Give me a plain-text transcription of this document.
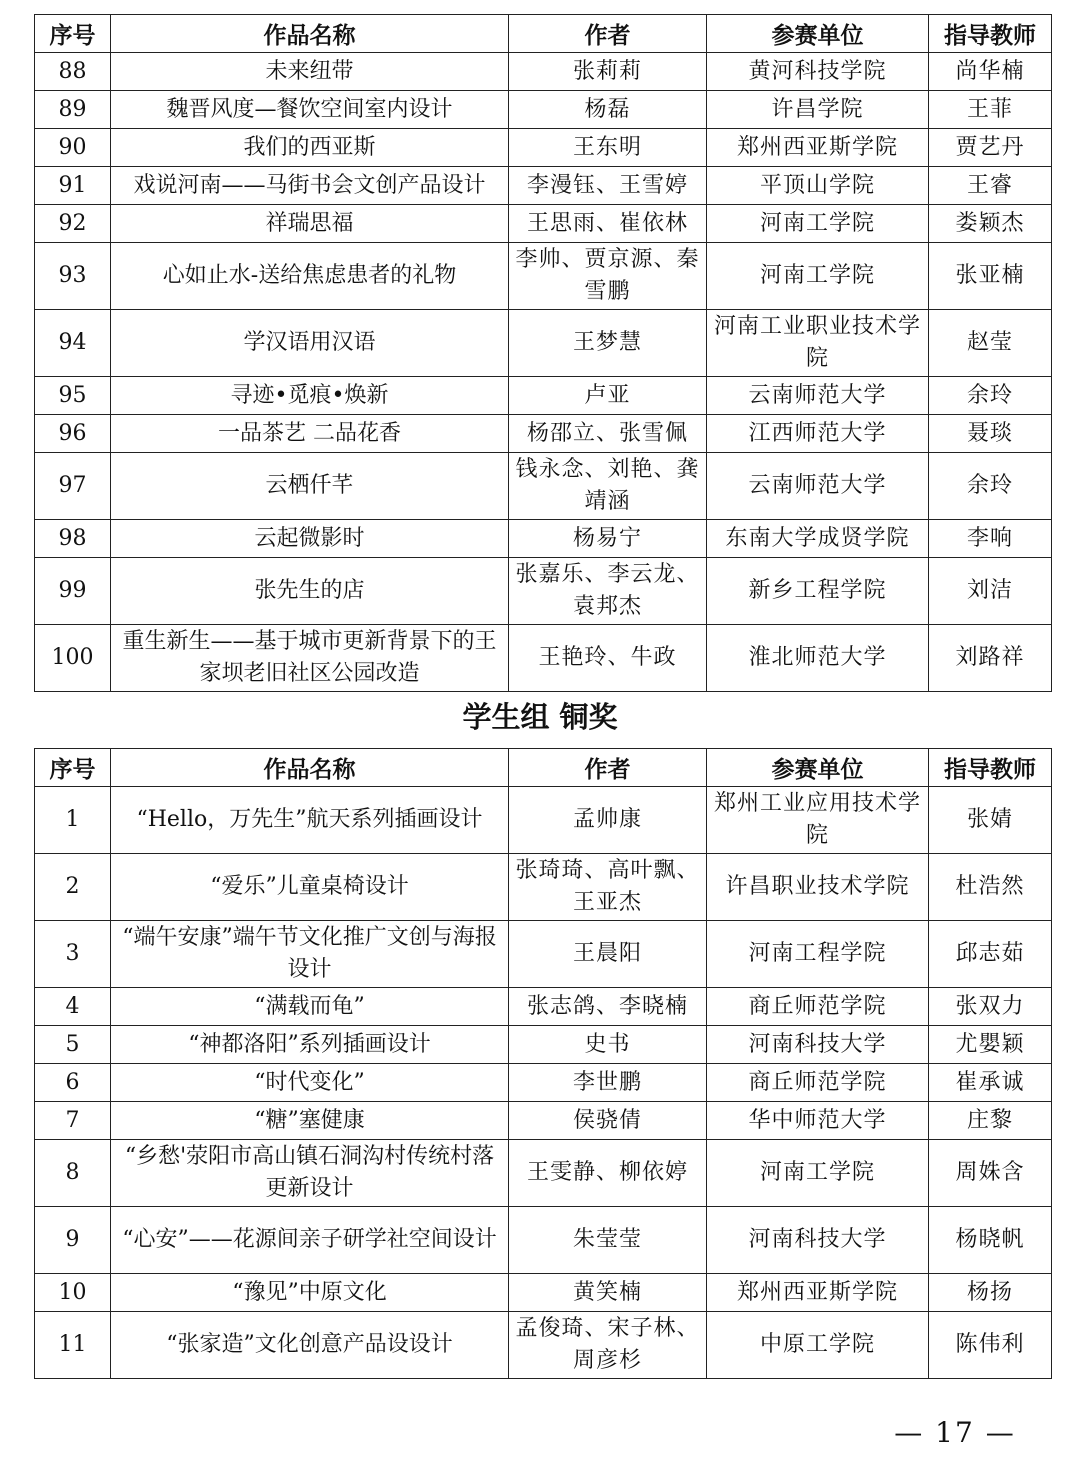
序号	作品名称	作者	参赛单位	指导教师
88	未来纽带	张莉莉	黄河科技学院	尚华楠
89	魏晋风度—餐饮空间室内设计	杨磊	许昌学院	王菲
90	我们的西亚斯	王东明	郑州西亚斯学院	贾艺丹
91	戏说河南——马街书会文创产品设计	李漫钰、王雪婷	平顶山学院	王睿
92	祥瑞思福	王思雨、崔依林	河南工学院	娄颖杰
93	心如止水-送给焦虑患者的礼物	李帅、贾京源、秦雪鹏	河南工学院	张亚楠
94	学汉语用汉语	王梦慧	河南工业职业技术学院	赵莹
95	寻迹•觅痕•焕新	卢亚	云南师范大学	余玲
96	一品茶艺 二品花香	杨邵立、张雪佩	江西师范大学	聂琰
97	云栖仟芊	钱永念、刘艳、龚靖涵	云南师范大学	余玲
98	云起微影时	杨易宁	东南大学成贤学院	李响
99	张先生的店	张嘉乐、李云龙、袁邦杰	新乡工程学院	刘洁
100	重生新生——基于城市更新背景下的王家坝老旧社区公园改造	王艳玲、牛政	淮北师范大学	刘路祥
学生组 铜奖
序号	作品名称	作者	参赛单位	指导教师
1	“Hello，万先生”航天系列插画设计	孟帅康	郑州工业应用技术学院	张婧
2	“爱乐”儿童桌椅设计	张琦琦、高叶飘、王亚杰	许昌职业技术学院	杜浩然
3	“端午安康”端午节文化推广文创与海报设计	王晨阳	河南工程学院	邱志茹
4	“满载而龟”	张志鸽、李晓楠	商丘师范学院	张双力
5	“神都洛阳”系列插画设计	史书	河南科技大学	尤嬰颖
6	“时代变化”	李世鹏	商丘师范学院	崔承诚
7	“糖”塞健康	侯骁倩	华中师范大学	庄黎
8	“乡愁'荥阳市高山镇石洞沟村传统村落更新设计	王雯静、柳依婷	河南工学院	周姝含
9	“心安”——花源间亲子研学社空间设计	朱莹莹	河南科技大学	杨晓帆
10	“豫见”中原文化	黄笑楠	郑州西亚斯学院	杨扬
11	“张家造”文化创意产品设设计	孟俊琦、宋子林、周彦杉	中原工学院	陈伟利
— 17 —
